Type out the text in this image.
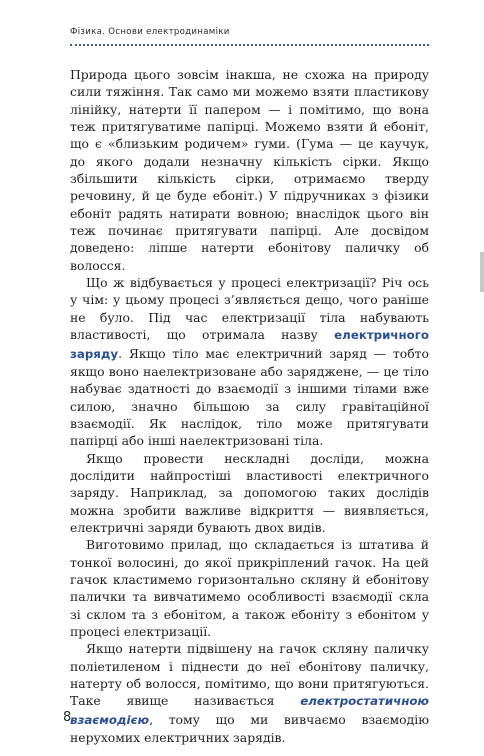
Фізика. Основи електродинаміки

Природа цього зовсім інакша, не схожа на природу сили тяжіння. Так само ми можемо взяти пластикову лінійку, натерти її папером — і помітимо, що вона теж притягуватиме папірці. Можемо взяти й ебоніт, що є «близьким родичем» гуми. (Гума — це каучук, до якого додали незначну кількість сірки. Якщо збільшити кількість сірки, отримаємо тверду речовину, й це буде ебоніт.) У підручниках з фізики ебоніт радять натирати вовною; внаслідок цього він теж починає притягувати папірці. Але досвідом доведено: ліпше натерти ебонітову паличку об волосся.

Що ж відбувається у процесі електризації? Річ ось у чім: у цьому процесі з’являється дещо, чого раніше не було. Під час електризації тіла набувають властивості, що отримала назву електричного заряду. Якщо тіло має електричний заряд — тобто якщо воно наелектризоване або заряджене, — це тіло набуває здатності до взаємодії з іншими тілами вже силою, значно більшою за силу гравітаційної взаємодії. Як наслідок, тіло може притягувати папірці або інші наелектризовані тіла.

Якщо провести нескладні досліди, можна дослідити найпростіші властивості електричного заряду. Наприклад, за допомогою таких дослідів можна зробити важливе відкриття — виявляється, електричні заряди бувають двох видів.

Виготовимо прилад, що складається із штатива й тонкої волосині, до якої прикріплений гачок. На цей гачок кластимемо горизонтально скляну й ебонітову палички та вивчатимемо особливості взаємодії скла зі склом та з ебонітом, а також ебоніту з ебонітом у процесі електризації.

Якщо натерти підвішену на гачок скляну паличку поліетиленом і піднести до неї ебонітову паличку, натерту об волосся, помітимо, що вони притягуються. Таке явище називається електростатичною взаємодією, тому що ми вивчаємо взаємодію нерухомих електричних зарядів.

8
